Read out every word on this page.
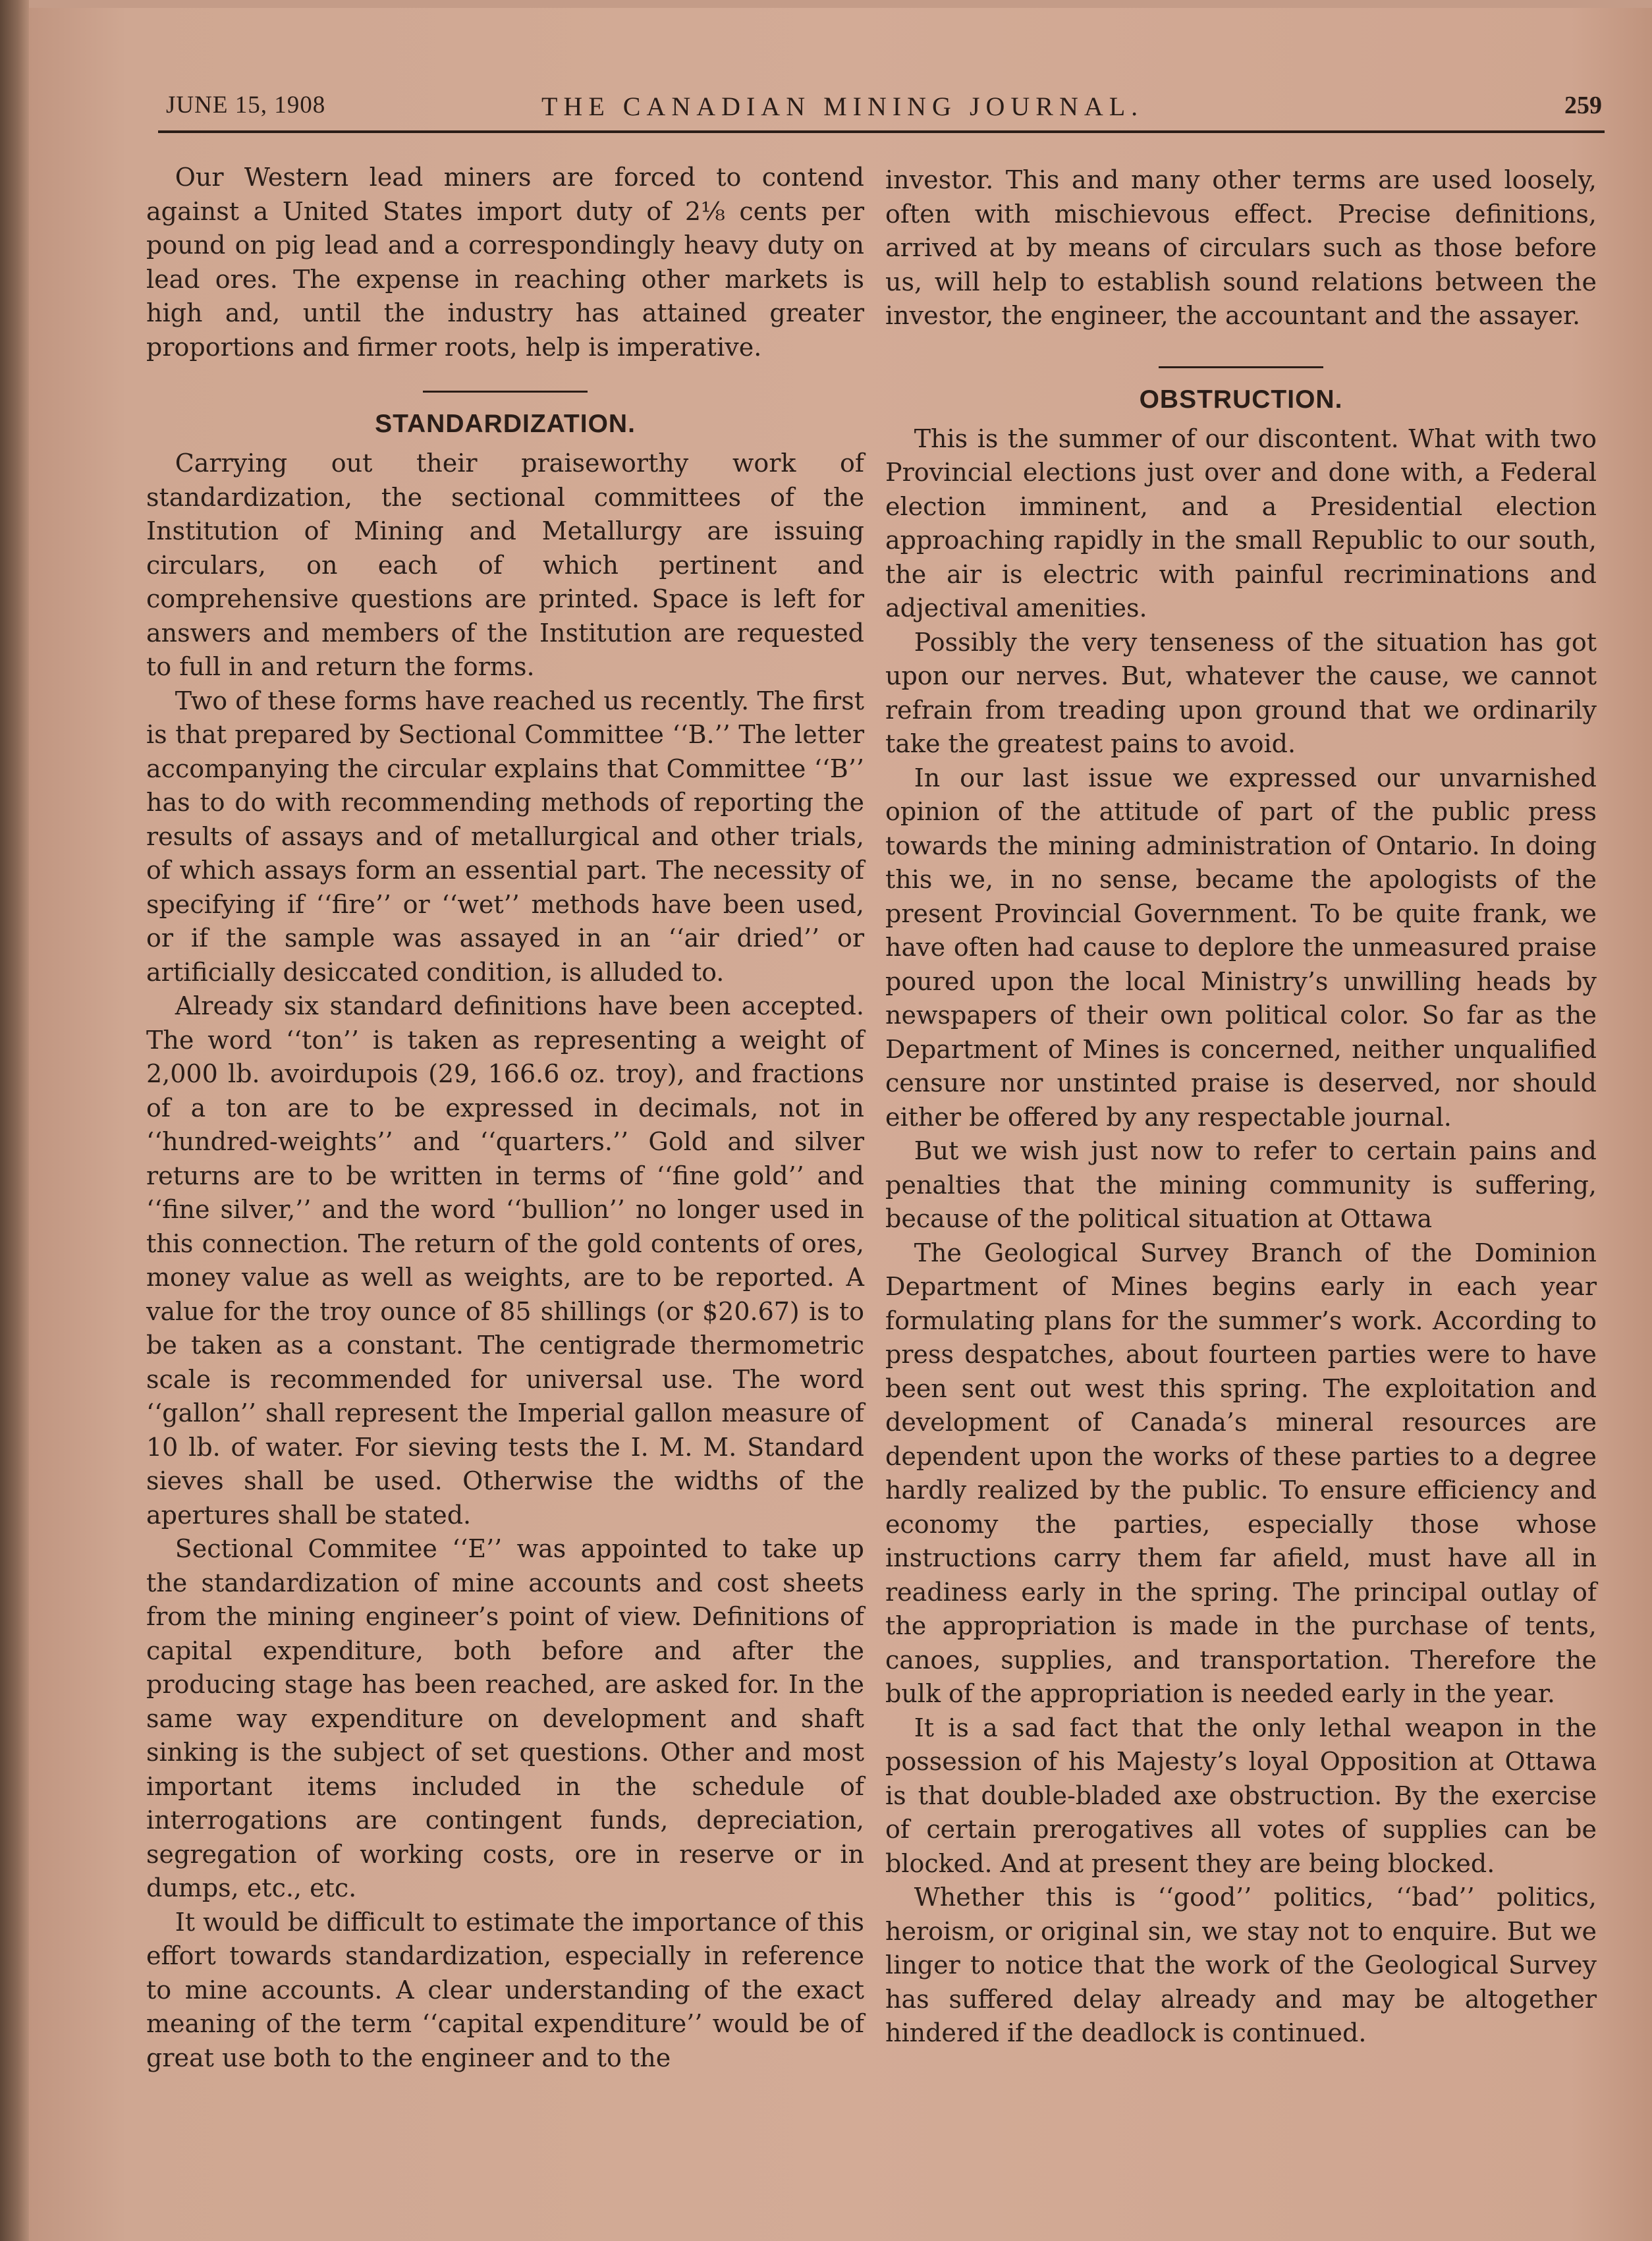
JUNE 15, 1908	THE CANADIAN MINING JOURNAL.	259

Our Western lead miners are forced to contend against a United States import duty of 2⅛ cents per pound on pig lead and a correspondingly heavy duty on lead ores. The expense in reaching other markets is high and, until the industry has attained greater proportions and firmer roots, help is imperative.

STANDARDIZATION.

Carrying out their praiseworthy work of standardization, the sectional committees of the Institution of Mining and Metallurgy are issuing circulars, on each of which pertinent and comprehensive questions are printed. Space is left for answers and members of the Institution are requested to full in and return the forms.

Two of these forms have reached us recently. The first is that prepared by Sectional Committee ‘‘B.’’ The letter accompanying the circular explains that Committee ‘‘B’’ has to do with recommending methods of reporting the results of assays and of metallurgical and other trials, of which assays form an essential part. The necessity of specifying if ‘‘fire’’ or ‘‘wet’’ methods have been used, or if the sample was assayed in an ‘‘air dried’’ or artificially desiccated condition, is alluded to.

Already six standard definitions have been accepted. The word ‘‘ton’’ is taken as representing a weight of 2,000 lb. avoirdupois (29, 166.6 oz. troy), and fractions of a ton are to be expressed in decimals, not in ‘‘hundred-weights’’ and ‘‘quarters.’’ Gold and silver returns are to be written in terms of ‘‘fine gold’’ and ‘‘fine silver,’’ and the word ‘‘bullion’’ no longer used in this connection. The return of the gold contents of ores, money value as well as weights, are to be reported. A value for the troy ounce of 85 shillings (or $20.67) is to be taken as a constant. The centigrade thermometric scale is recommended for universal use. The word ‘‘gallon’’ shall represent the Imperial gallon measure of 10 lb. of water. For sieving tests the I. M. M. Standard sieves shall be used. Otherwise the widths of the apertures shall be stated.

Sectional Commitee ‘‘E’’ was appointed to take up the standardization of mine accounts and cost sheets from the mining engineer’s point of view. Definitions of capital expenditure, both before and after the producing stage has been reached, are asked for. In the same way expenditure on development and shaft sinking is the subject of set questions. Other and most important items included in the schedule of interrogations are contingent funds, depreciation, segregation of working costs, ore in reserve or in dumps, etc., etc.

It would be difficult to estimate the importance of this effort towards standardization, especially in reference to mine accounts. A clear understanding of the exact meaning of the term ‘‘capital expenditure’’ would be of great use both to the engineer and to the

investor. This and many other terms are used loosely, often with mischievous effect. Precise definitions, arrived at by means of circulars such as those before us, will help to establish sound relations between the investor, the engineer, the accountant and the assayer.

OBSTRUCTION.

This is the summer of our discontent. What with two Provincial elections just over and done with, a Federal election imminent, and a Presidential election approaching rapidly in the small Republic to our south, the air is electric with painful recriminations and adjectival amenities.

Possibly the very tenseness of the situation has got upon our nerves. But, whatever the cause, we cannot refrain from treading upon ground that we ordinarily take the greatest pains to avoid.

In our last issue we expressed our unvarnished opinion of the attitude of part of the public press towards the mining administration of Ontario. In doing this we, in no sense, became the apologists of the present Provincial Government. To be quite frank, we have often had cause to deplore the unmeasured praise poured upon the local Ministry’s unwilling heads by newspapers of their own political color. So far as the Department of Mines is concerned, neither unqualified censure nor unstinted praise is deserved, nor should either be offered by any respectable journal.

But we wish just now to refer to certain pains and penalties that the mining community is suffering, because of the political situation at Ottawa

The Geological Survey Branch of the Dominion Department of Mines begins early in each year formulating plans for the summer’s work. According to press despatches, about fourteen parties were to have been sent out west this spring. The exploitation and development of Canada’s mineral resources are dependent upon the works of these parties to a degree hardly realized by the public. To ensure efficiency and economy the parties, especially those whose instructions carry them far afield, must have all in readiness early in the spring. The principal outlay of the appropriation is made in the purchase of tents, canoes, supplies, and transportation. Therefore the bulk of the appropriation is needed early in the year.

It is a sad fact that the only lethal weapon in the possession of his Majesty’s loyal Opposition at Ottawa is that double-bladed axe obstruction. By the exercise of certain prerogatives all votes of supplies can be blocked. And at present they are being blocked.

Whether this is ‘‘good’’ politics, ‘‘bad’’ politics, heroism, or original sin, we stay not to enquire. But we linger to notice that the work of the Geological Survey has suffered delay already and may be altogether hindered if the deadlock is continued.
